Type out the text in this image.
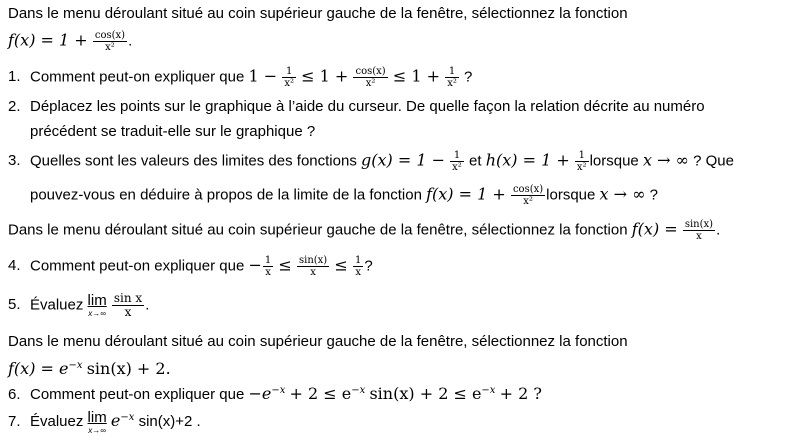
Dans le menu déroulant situé au coin supérieur gauche de la fenêtre, sélectionnez la fonction
$f(x) = 1 + \frac{\cos(x)}{\text{x²}}$ .
1. Comment peut-on expliquer que $1 - \frac{1}{\text{x²}} \le 1 + \frac{\cos(x)}{\text{x²}} \le 1 + \frac{1}{\text{x²}}$ ?
2. Déplacez les points sur le graphique à l’aide du curseur. De quelle façon la relation décrite au numéro
précédent se traduit-elle sur le graphique ?
3. Quelles sont les valeurs des limites des fonctions $g(x) = 1 - \frac{1}{\text{x²}}$ et $h(x) = 1 + \frac{1}{\text{x²}}$ lorsque x → ∞ ? Que
pouvez-vous en déduire à propos de la limite de la fonction $f(x) = 1 + \frac{\cos(x)}{\text{x²}}$ lorsque x → ∞ ?
Dans le menu déroulant situé au coin supérieur gauche de la fenêtre, sélectionnez la fonction $f(x) = \frac{\sin(x)}{x}$ .
4. Comment peut-on expliquer que − $\frac{1}{x} \le \frac{\sin(x)}{x} \le \frac{1}{x}$ ?
5. Évaluez lim
x→∞
$\frac{\text{sin x}}{x}$ .
Dans le menu déroulant situé au coin supérieur gauche de la fenêtre, sélectionnez la fonction
$f(x) = e^{-x}$ sin(x) + 2.
6. Comment peut-on expliquer que $-e^{-x} + 2 \le e^{-x}$ $\sin(x) + 2 \le e^{-x} + 2$ ?
7. Évaluez lim
x→∞
$e^{-x}$ sin(x)+2 .
